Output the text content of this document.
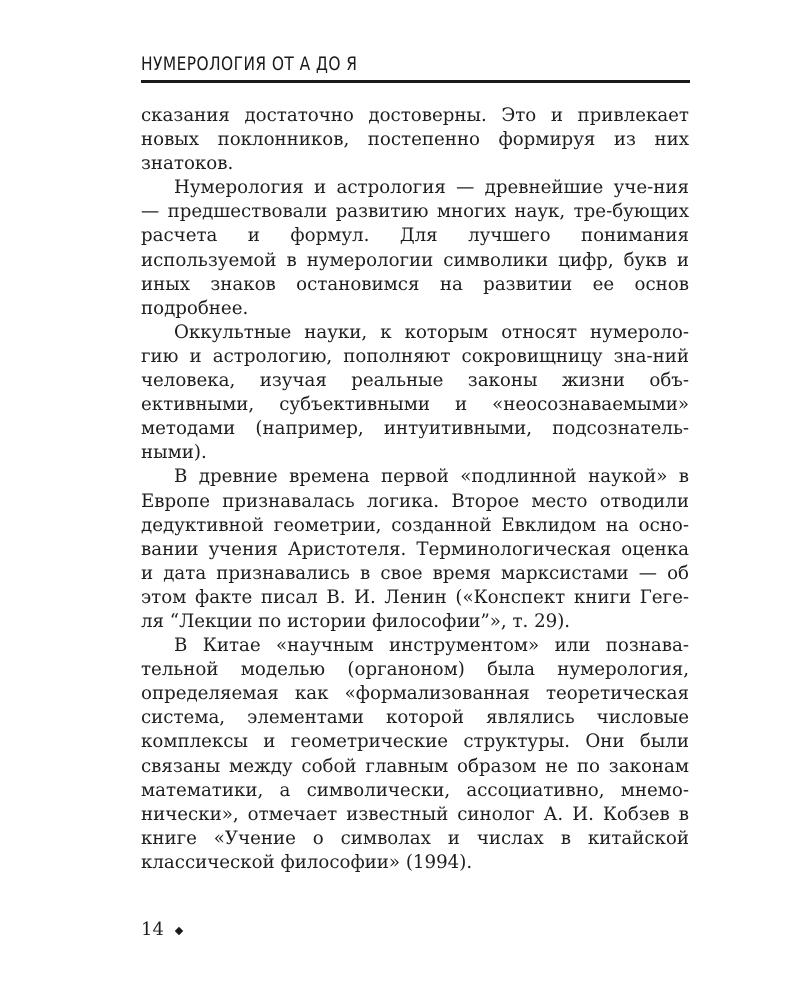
НУМЕРОЛОГИЯ ОТ А ДО Я

сказания достаточно достоверны. Это и привлекает новых поклонников, постепенно формируя из них знатоков.

Нумерология и астрология — древнейшие уче-ния — предшествовали развитию многих наук, тре-бующих расчета и формул. Для лучшего понимания используемой в нумерологии символики цифр, букв и иных знаков остановимся на развитии ее основ подробнее.

Оккультные науки, к которым относят нумероло-гию и астрологию, пополняют сокровищницу зна-ний человека, изучая реальные законы жизни объ-ективными, субъективными и «неосознаваемыми» методами (например, интуитивными, подсознатель-ными).

В древние времена первой «подлинной наукой» в Европе признавалась логика. Второе место отводили дедуктивной геометрии, созданной Евклидом на осно-вании учения Аристотеля. Терминологическая оценка и дата признавались в свое время марксистами — об этом факте писал В. И. Ленин («Конспект книги Геге-ля “Лекции по истории философии”», т. 29).

В Китае «научным инструментом» или познава-тельной моделью (органоном) была нумерология, определяемая как «формализованная теоретическая система, элементами которой являлись числовые комплексы и геометрические структуры. Они были связаны между собой главным образом не по законам математики, а символически, ассоциативно, мнемо-нически», отмечает известный синолог А. И. Кобзев в книге «Учение о символах и числах в китайской классической философии» (1994).

14
